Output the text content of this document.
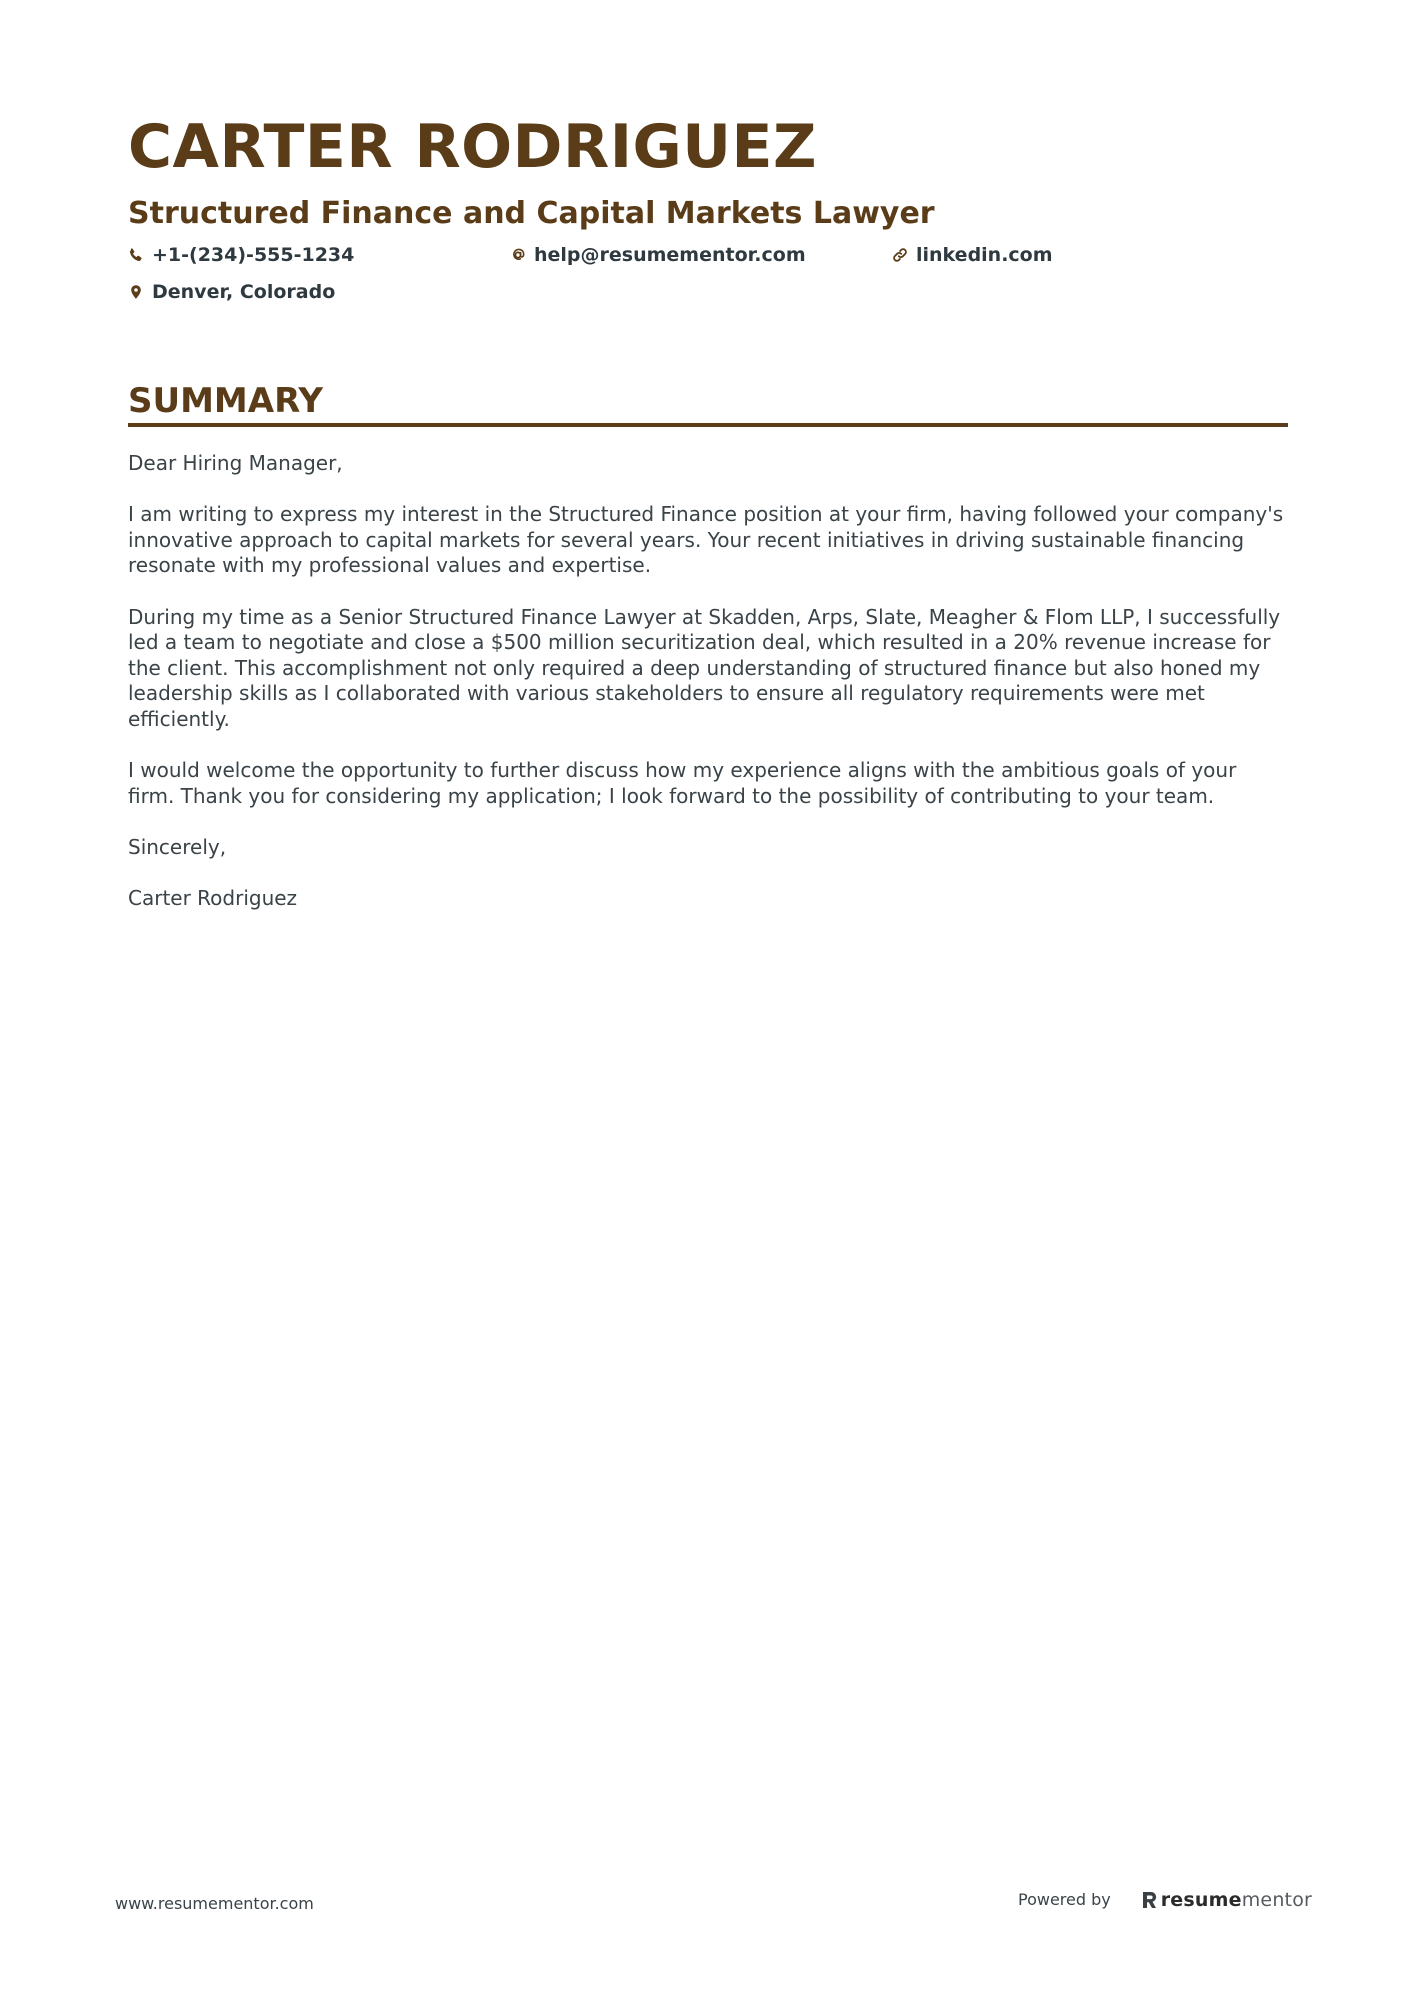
CARTER RODRIGUEZ
Structured Finance and Capital Markets Lawyer
+1-(234)-555-1234	help@resumementor.com	linkedin.com
Denver, Colorado
SUMMARY

Dear Hiring Manager,

I am writing to express my interest in the Structured Finance position at your firm, having followed your company's innovative approach to capital markets for several years. Your recent initiatives in driving sustainable financing resonate with my professional values and expertise.

During my time as a Senior Structured Finance Lawyer at Skadden, Arps, Slate, Meagher & Flom LLP, I successfully led a team to negotiate and close a $500 million securitization deal, which resulted in a 20% revenue increase for the client. This accomplishment not only required a deep understanding of structured finance but also honed my leadership skills as I collaborated with various stakeholders to ensure all regulatory requirements were met efficiently.

I would welcome the opportunity to further discuss how my experience aligns with the ambitious goals of your firm. Thank you for considering my application; I look forward to the possibility of contributing to your team.

Sincerely,

Carter Rodriguez

www.resumementor.com	Powered by	resume mentor
